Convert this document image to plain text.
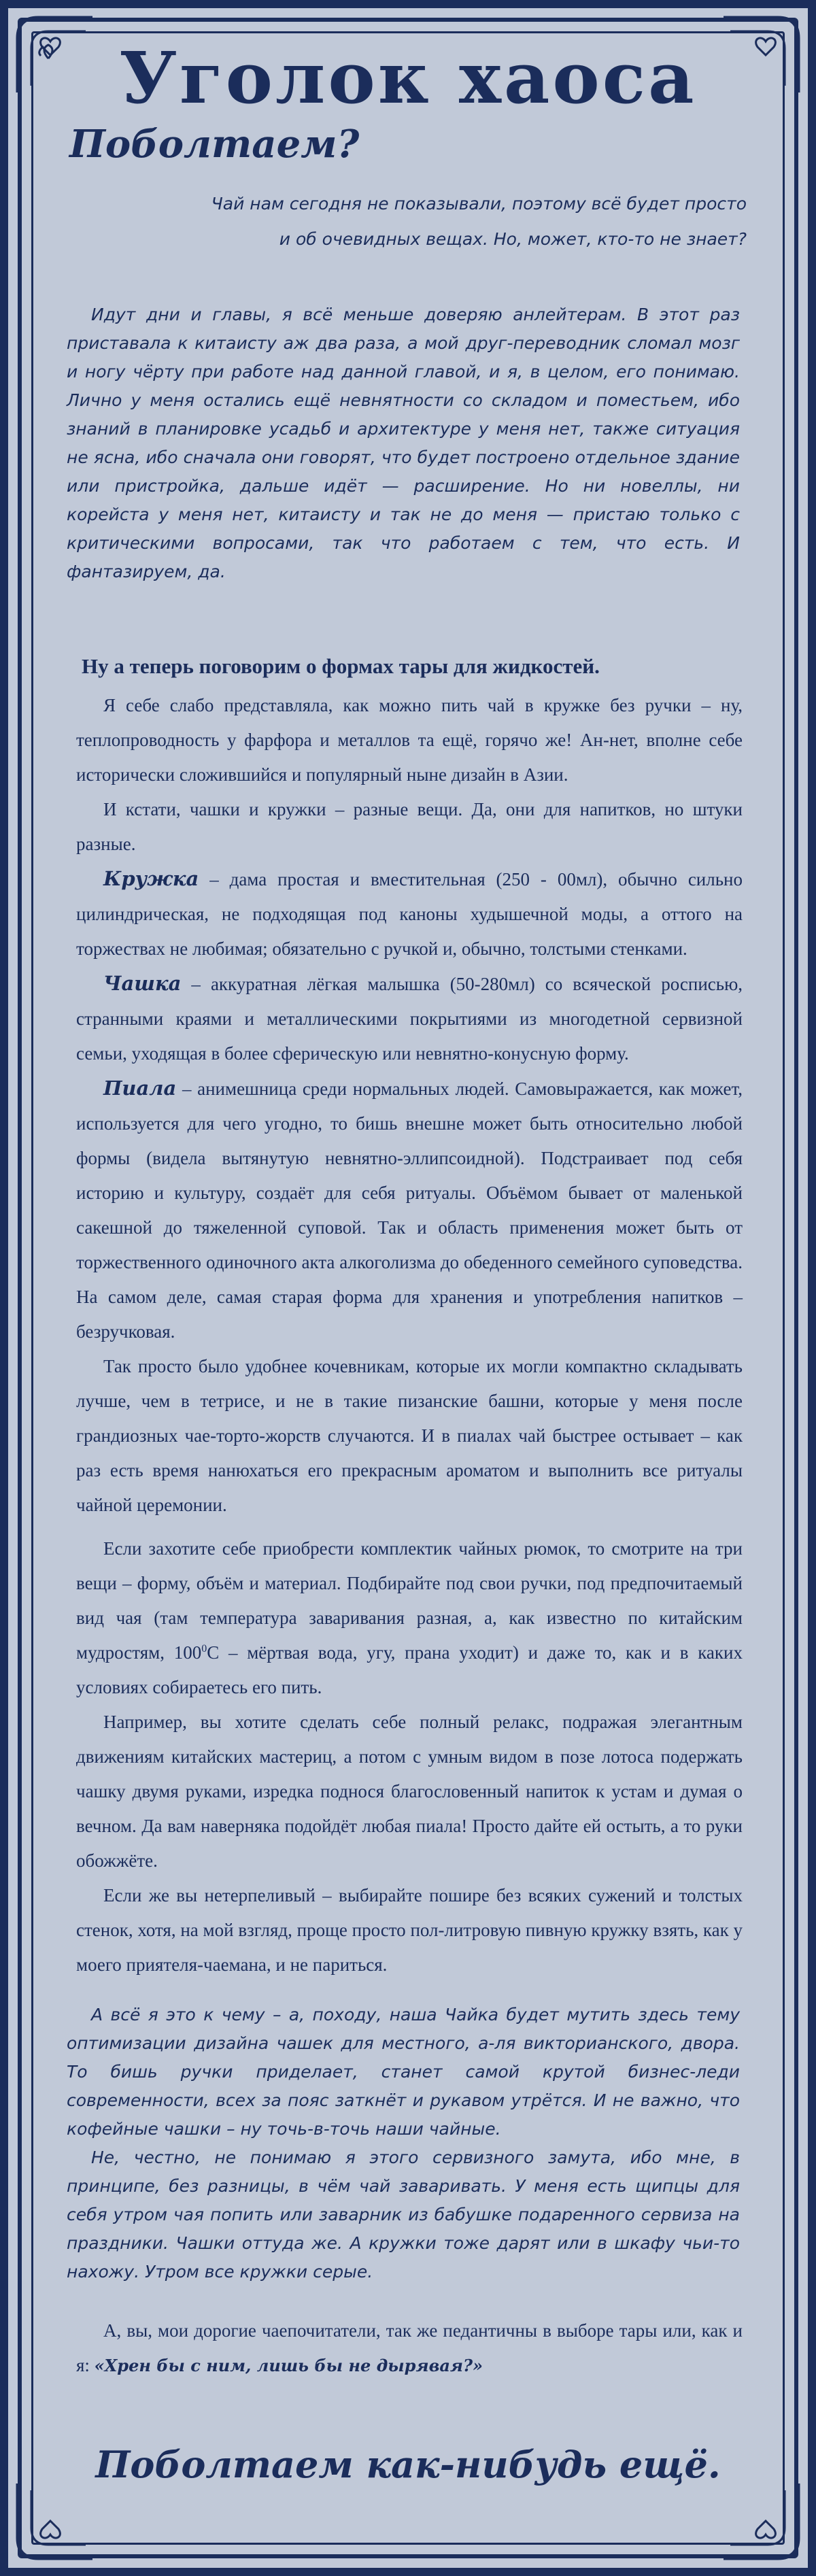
Уголок хаоса
Поболтаем?
Чай нам сегодня не показывали, поэтому всё будет просто
и об очевидных вещах. Но, может, кто-то не знает?

Идут дни и главы, я всё меньше доверяю анлейтерам. В этот раз приставала к китаисту аж два раза, а мой друг-переводник сломал мозг и ногу чёрту при работе над данной главой, и я, в целом, его понимаю. Лично у меня остались ещё невнятности со складом и поместьем, ибо знаний в планировке усадьб и архитектуре у меня нет, также ситуация не ясна, ибо сначала они говорят, что будет построено отдельное здание или пристройка, дальше идёт — расширение. Но ни новеллы, ни корейста у меня нет, китаисту и так не до меня — пристаю только с критическими вопросами, так что работаем с тем, что есть. И фантазируем, да.

Ну а теперь поговорим о формах тары для жидкостей.

Я себе слабо представляла, как можно пить чай в кружке без ручки – ну, теплопроводность у фарфора и металлов та ещё, горячо же! Ан-нет, вполне себе исторически сложившийся и популярный ныне дизайн в Азии.

И кстати, чашки и кружки – разные вещи. Да, они для напитков, но штуки разные.

Кружка – дама простая и вместительная (250 - 00мл), обычно сильно цилиндрическая, не подходящая под каноны худышечной моды, а оттого на торжествах не любимая; обязательно с ручкой и, обычно, толстыми стенками.

Чашка – аккуратная лёгкая малышка (50-280мл) со всяческой росписью, странными краями и металлическими покрытиями из многодетной сервизной семьи, уходящая в более сферическую или невнятно-конусную форму.

Пиала – анимешница среди нормальных людей. Самовыражается, как может, используется для чего угодно, то бишь внешне может быть относительно любой формы (видела вытянутую невнятно-эллипсоидной). Подстраивает под себя историю и культуру, создаёт для себя ритуалы. Объёмом бывает от маленькой сакешной до тяжеленной суповой. Так и область применения может быть от торжественного одиночного акта алкоголизма до обеденного семейного суповедства. На самом деле, самая старая форма для хранения и употребления напитков – безручковая.

Так просто было удобнее кочевникам, которые их могли компактно складывать лучше, чем в тетрисе, и не в такие пизанские башни, которые у меня после грандиозных чае-торто-жорств случаются. И в пиалах чай быстрее остывает – как раз есть время нанюхаться его прекрасным ароматом и выполнить все ритуалы чайной церемонии.

Если захотите себе приобрести комплектик чайных рюмок, то смотрите на три вещи – форму, объём и материал. Подбирайте под свои ручки, под предпочитаемый вид чая (там температура заваривания разная, а, как известно по китайским мудростям, $100^0C$ – мёртвая вода, угу, прана уходит) и даже то, как и в каких условиях собираетесь его пить.

Например, вы хотите сделать себе полный релакс, подражая элегантным движениям китайских мастериц, а потом с умным видом в позе лотоса подержать чашку двумя руками, изредка поднося благословенный напиток к устам и думая о вечном. Да вам наверняка подойдёт любая пиала! Просто дайте ей остыть, а то руки обожжёте.

Если же вы нетерпеливый – выбирайте пошире без всяких сужений и толстых стенок, хотя, на мой взгляд, проще просто пол-литровую пивную кружку взять, как у моего приятеля-чаемана, и не париться.

А всё я это к чему – а, походу, наша Чайка будет мутить здесь тему оптимизации дизайна чашек для местного, а-ля викторианского, двора. То бишь ручки приделает, станет самой крутой бизнес-леди современности, всех за пояс заткнёт и рукавом утрётся. И не важно, что кофейные чашки – ну точь-в-точь наши чайные.

Не, честно, не понимаю я этого сервизного замута, ибо мне, в принципе, без разницы, в чём чай заваривать. У меня есть щипцы для себя утром чая попить или заварник из бабушке подаренного сервиза на праздники. Чашки оттуда же. А кружки тоже дарят или в шкафу чьи-то нахожу. Утром все кружки серые.

А, вы, мои дорогие чаепочитатели, так же педантичны в выборе тары или, как и я: «Хрен бы с ним, лишь бы не дырявая?»

Поболтаем как-нибудь ещё.
